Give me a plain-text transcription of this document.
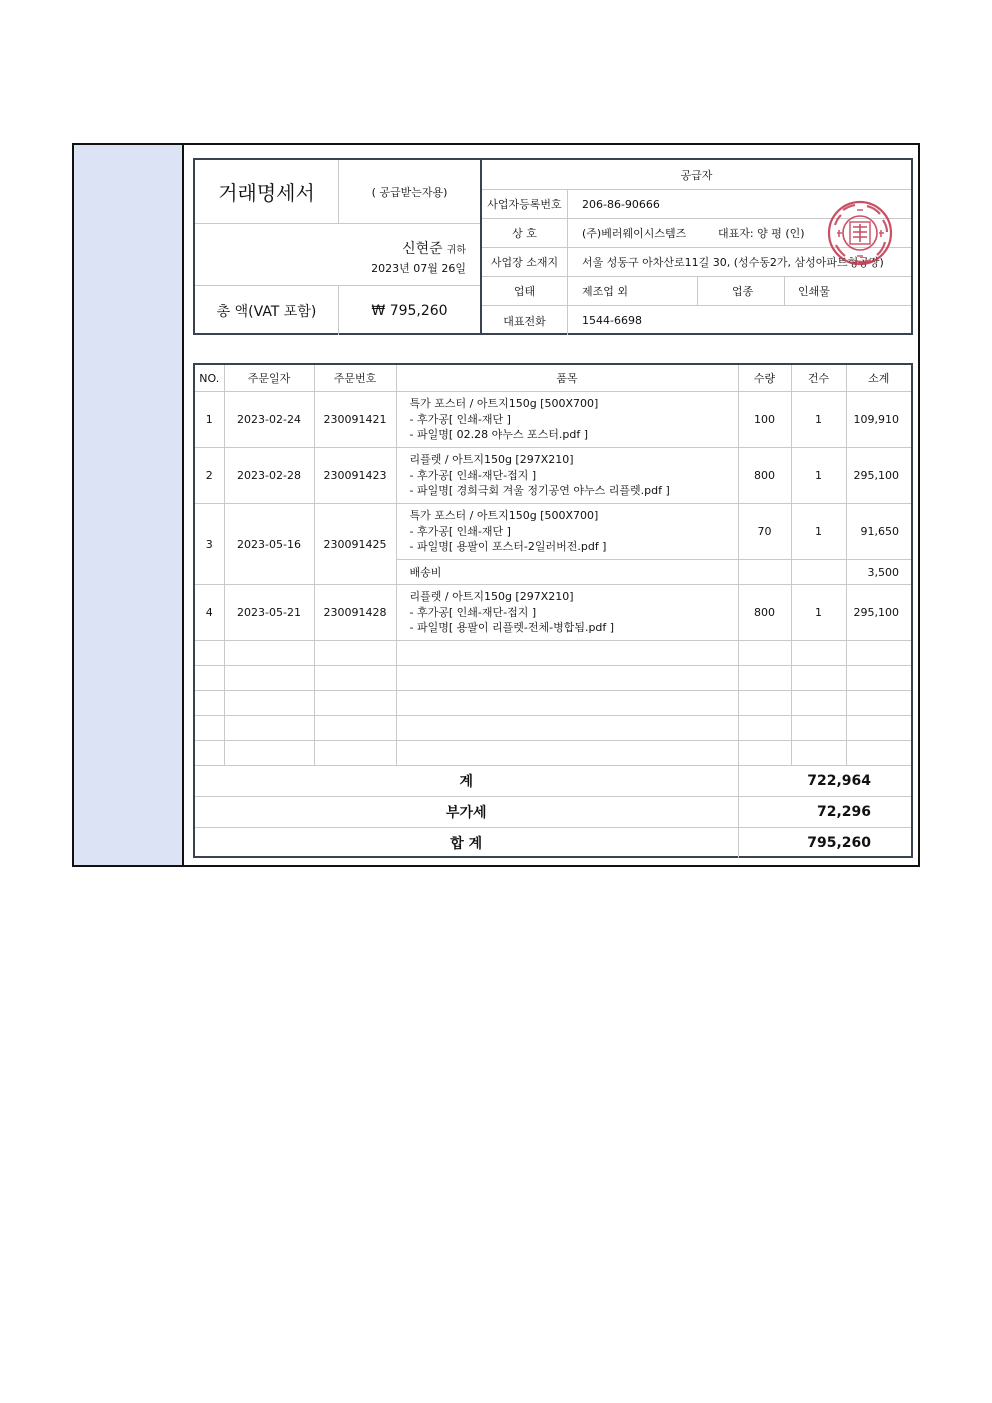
거래명세서	( 공급받는자용)
신현준 귀하
2023년 07월 26일
총 액(VAT 포함)	₩ 795,260
공급자
사업자등록번호	206-86-90666
상 호	(주)베러웨이시스템즈	대표자: 양 평 (인)
사업장 소재지	서울 성동구 아차산로11길 30, (성수동2가, 삼성아파트형공장)
업태	제조업 외	업종	인쇄물
대표전화	1544-6698
NO.	주문일자	주문번호	품목	수량	건수	소계
1	2023-02-24	230091421	특가 포스터 / 아트지150g [500X700]
- 후가공[ 인쇄-재단 ]
- 파일명[ 02.28 야누스 포스터.pdf ]	100	1	109,910
2	2023-02-28	230091423	리플렛 / 아트지150g [297X210]
- 후가공[ 인쇄-재단-접지 ]
- 파일명[ 경희극회 겨울 정기공연 야누스 리플렛.pdf ]	800	1	295,100
3	2023-05-16	230091425	특가 포스터 / 아트지150g [500X700]
- 후가공[ 인쇄-재단 ]
- 파일명[ 용팔이 포스터-2일러버전.pdf ]	70	1	91,650
			배송비			3,500
4	2023-05-21	230091428	리플렛 / 아트지150g [297X210]
- 후가공[ 인쇄-재단-접지 ]
- 파일명[ 용팔이 리플렛-전체-병합됨.pdf ]	800	1	295,100

계				722,964		
부가세				72,296		
합 계				795,260		
